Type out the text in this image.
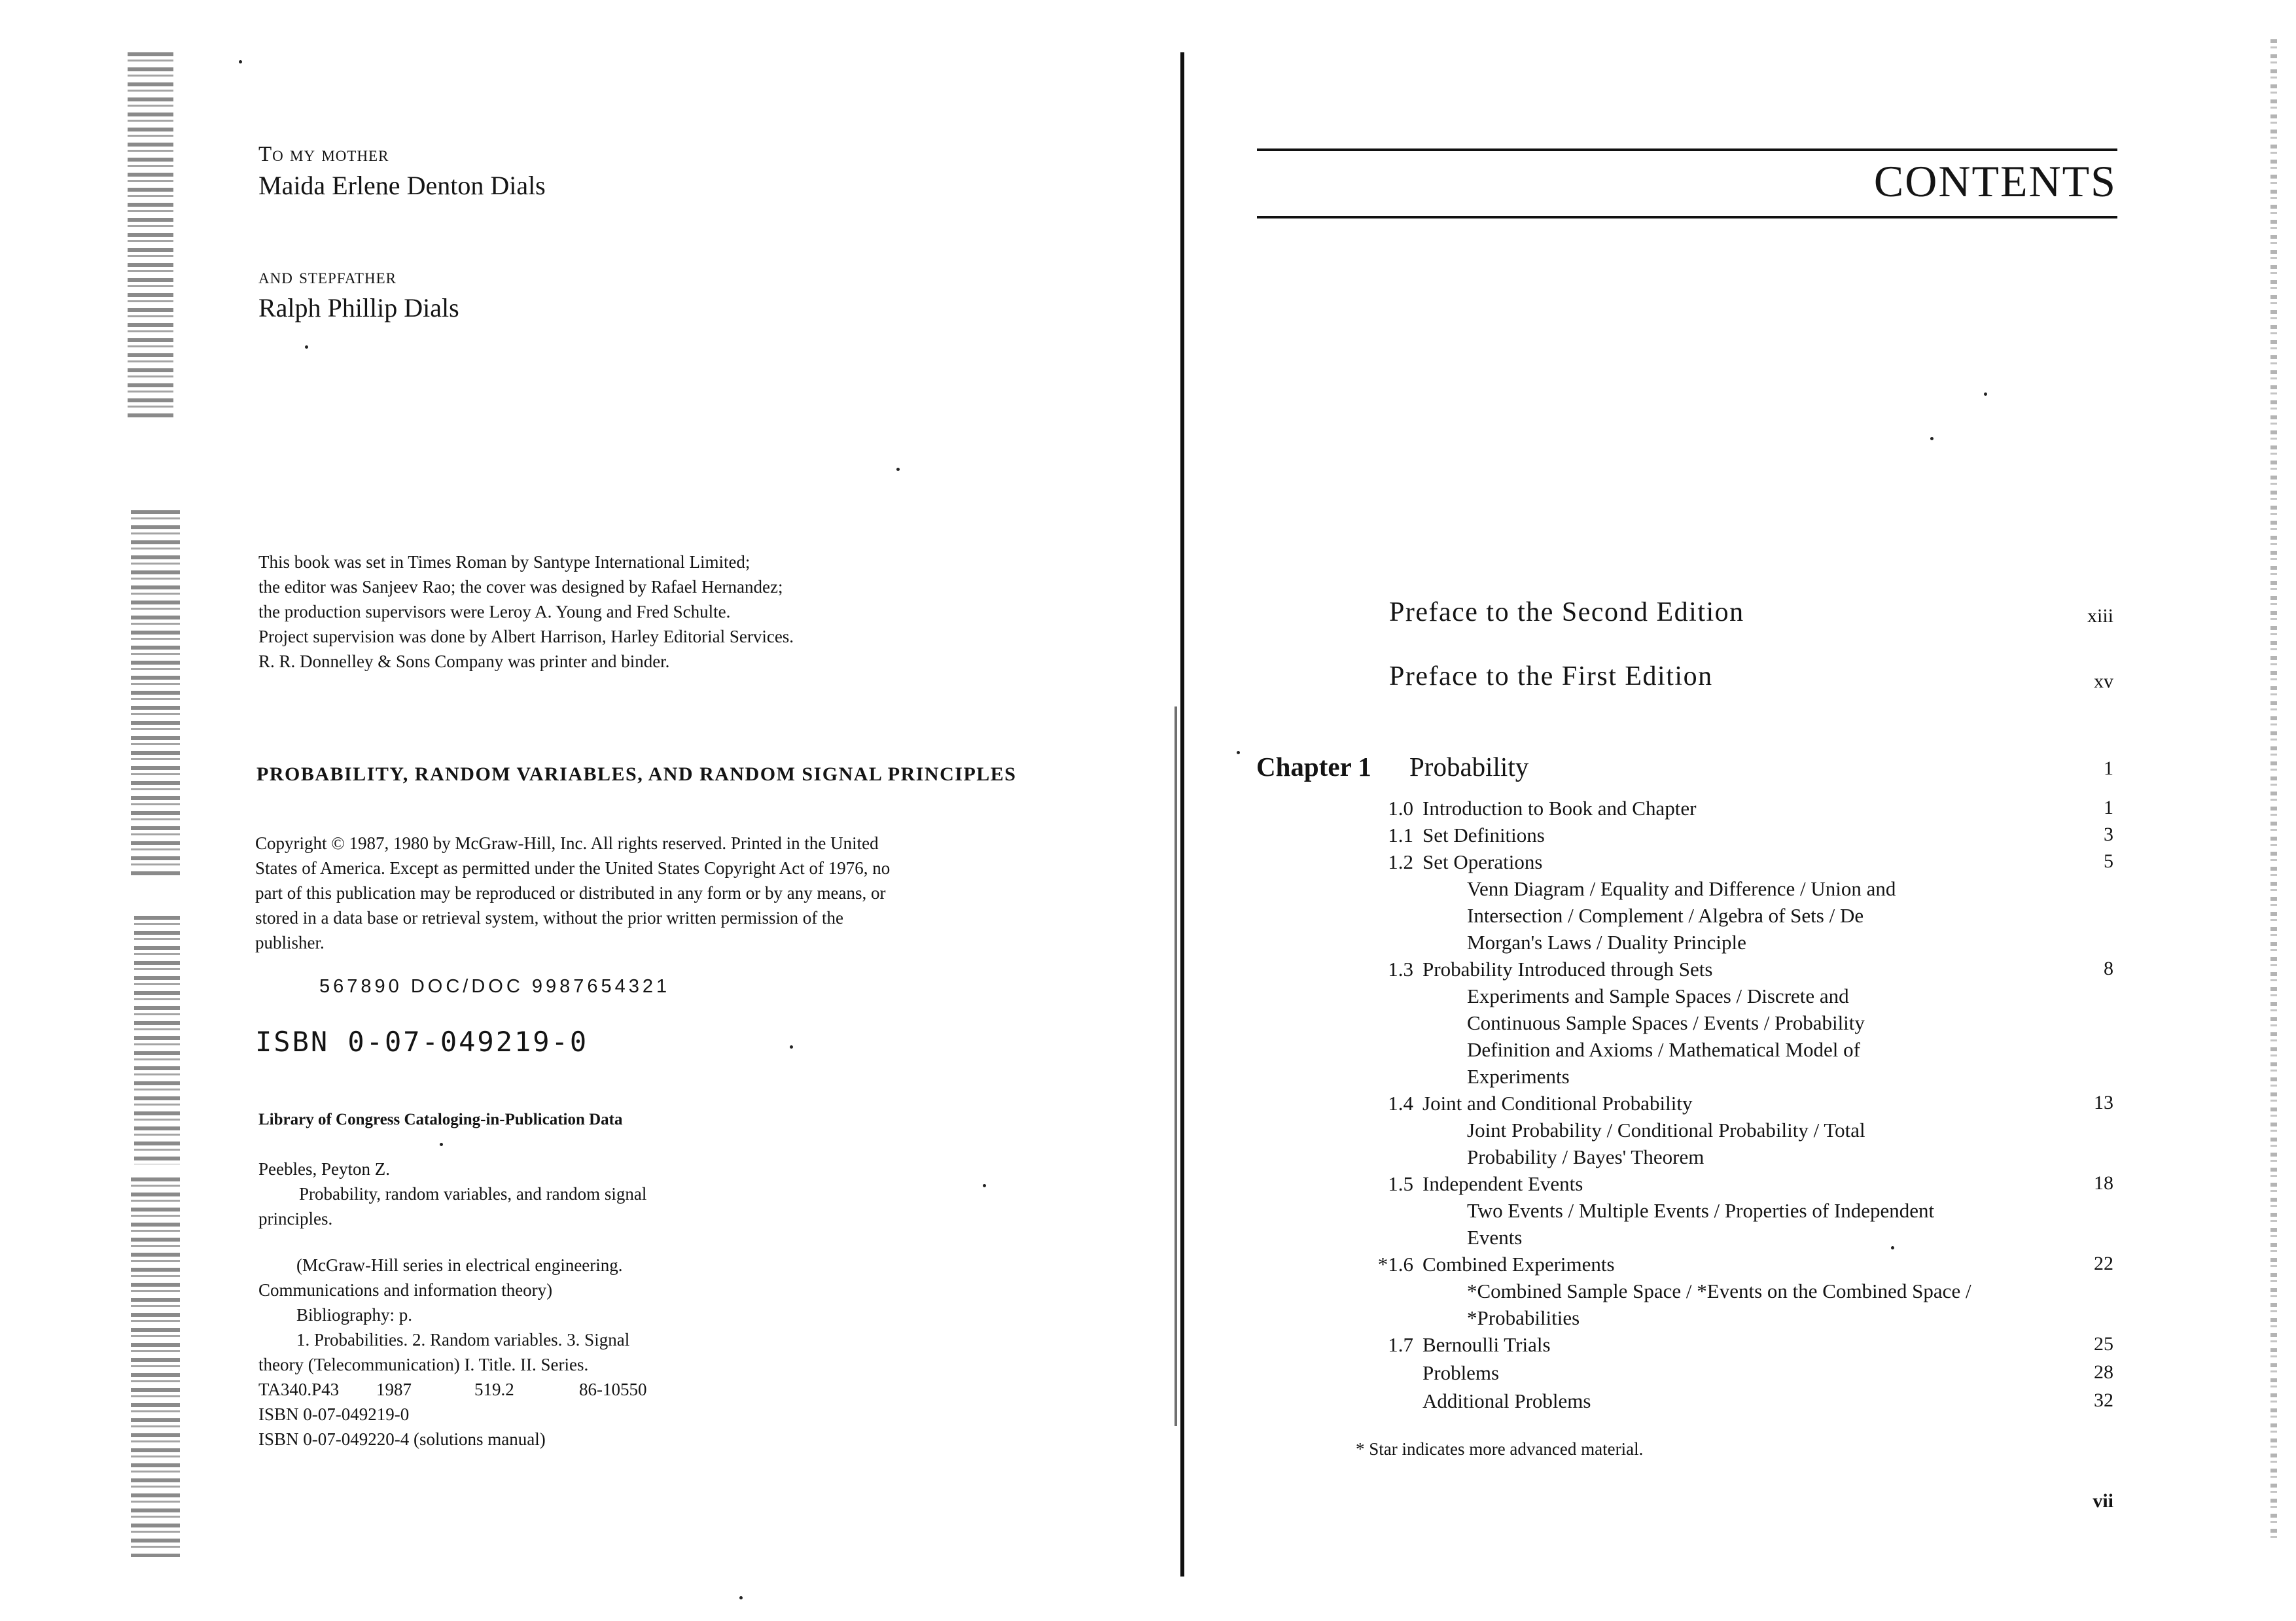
To my mother
Maida Erlene Denton Dials
and stepfather
Ralph Phillip Dials
This book was set in Times Roman by Santype International Limited;
the editor was Sanjeev Rao; the cover was designed by Rafael Hernandez;
the production supervisors were Leroy A. Young and Fred Schulte.
Project supervision was done by Albert Harrison, Harley Editorial Services.
R. R. Donnelley & Sons Company was printer and binder.
PROBABILITY, RANDOM VARIABLES, AND RANDOM SIGNAL PRINCIPLES
Copyright © 1987, 1980 by McGraw-Hill, Inc. All rights reserved. Printed in the United
States of America. Except as permitted under the United States Copyright Act of 1976, no
part of this publication may be reproduced or distributed in any form or by any means, or
stored in a data base or retrieval system, without the prior written permission of the
publisher.
567890 DOC/DOC 9987654321
ISBN 0-07-049219-0
Library of Congress Cataloging-in-Publication Data
Peebles, Peyton Z.
Probability, random variables, and random signal
principles.
(McGraw-Hill series in electrical engineering.
Communications and information theory)
Bibliography: p.
1. Probabilities. 2. Random variables. 3. Signal
theory (Telecommunication) I. Title. II. Series.
TA340.P43 1987	519.2	86-10550
ISBN 0-07-049219-0
ISBN 0-07-049220-4 (solutions manual)
CONTENTS
Preface to the Second Edition	xiii
Preface to the First Edition	xv
Chapter 1 Probability	1
1.0 Introduction to Book and Chapter	1
1.1 Set Definitions	3
1.2 Set Operations	5
Venn Diagram / Equality and Difference / Union and
Intersection / Complement / Algebra of Sets / De
Morgan's Laws / Duality Principle
1.3 Probability Introduced through Sets	8
Experiments and Sample Spaces / Discrete and
Continuous Sample Spaces / Events / Probability
Definition and Axioms / Mathematical Model of
Experiments
1.4 Joint and Conditional Probability	13
Joint Probability / Conditional Probability / Total
Probability / Bayes' Theorem
1.5 Independent Events	18
Two Events / Multiple Events / Properties of Independent
Events
*1.6 Combined Experiments	22
*Combined Sample Space / *Events on the Combined Space /
*Probabilities
1.7 Bernoulli Trials	25
Problems	28
Additional Problems	32
* Star indicates more advanced material.
vii
